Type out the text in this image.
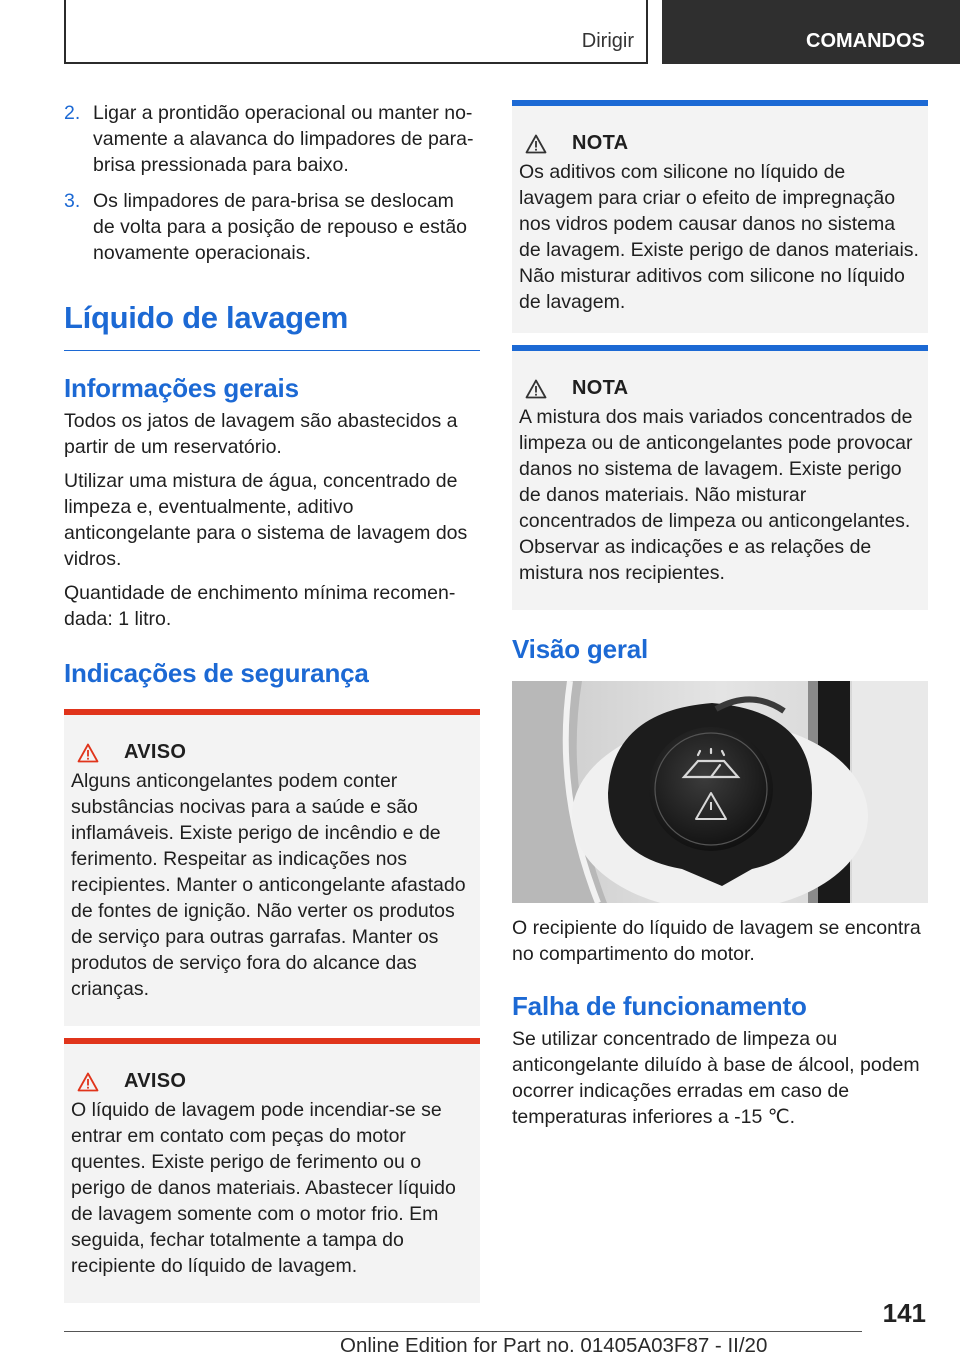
Dirigir	COMANDOS
2. Ligar a prontidão operacional ou manter novamente a alavanca do limpadores de para-brisa pressionada para baixo.
3. Os limpadores de para-brisa se deslocam de volta para a posição de repouso e estão novamente operacionais.
Líquido de lavagem
Informações gerais

Todos os jatos de lavagem são abastecidos a partir de um reservatório.

Utilizar uma mistura de água, concentrado de limpeza e, eventualmente, aditivo anticongelante para o sistema de lavagem dos vidros.

Quantidade de enchimento mínima recomendada: 1 litro.

Indicações de segurança
AVISO
Alguns anticongelantes podem conter substâncias nocivas para a saúde e são inflamáveis. Existe perigo de incêndio e de ferimento. Respeitar as indicações nos recipientes. Manter o anticongelante afastado de fontes de ignição. Não verter os produtos de serviço para outras garrafas. Manter os produtos de serviço fora do alcance das crianças.
AVISO
O líquido de lavagem pode incendiar-se se entrar em contato com peças do motor quentes. Existe perigo de ferimento ou o perigo de danos materiais. Abastecer líquido de lavagem somente com o motor frio. Em seguida, fechar totalmente a tampa do recipiente do líquido de lavagem.
NOTA
Os aditivos com silicone no líquido de lavagem para criar o efeito de impregnação nos vidros podem causar danos no sistema de lavagem. Existe perigo de danos materiais. Não misturar aditivos com silicone no líquido de lavagem.
NOTA
A mistura dos mais variados concentrados de limpeza ou de anticongelantes pode provocar danos no sistema de lavagem. Existe perigo de danos materiais. Não misturar concentrados de limpeza ou anticongelantes. Observar as indicações e as relações de mistura nos recipientes.
Visão geral

O recipiente do líquido de lavagem se encontra no compartimento do motor.

Falha de funcionamento

Se utilizar concentrado de limpeza ou anticongelante diluído à base de álcool, podem ocorrer indicações erradas em caso de temperaturas inferiores a -15 ℃.

141
Online Edition for Part no. 01405A03F87 - II/20
